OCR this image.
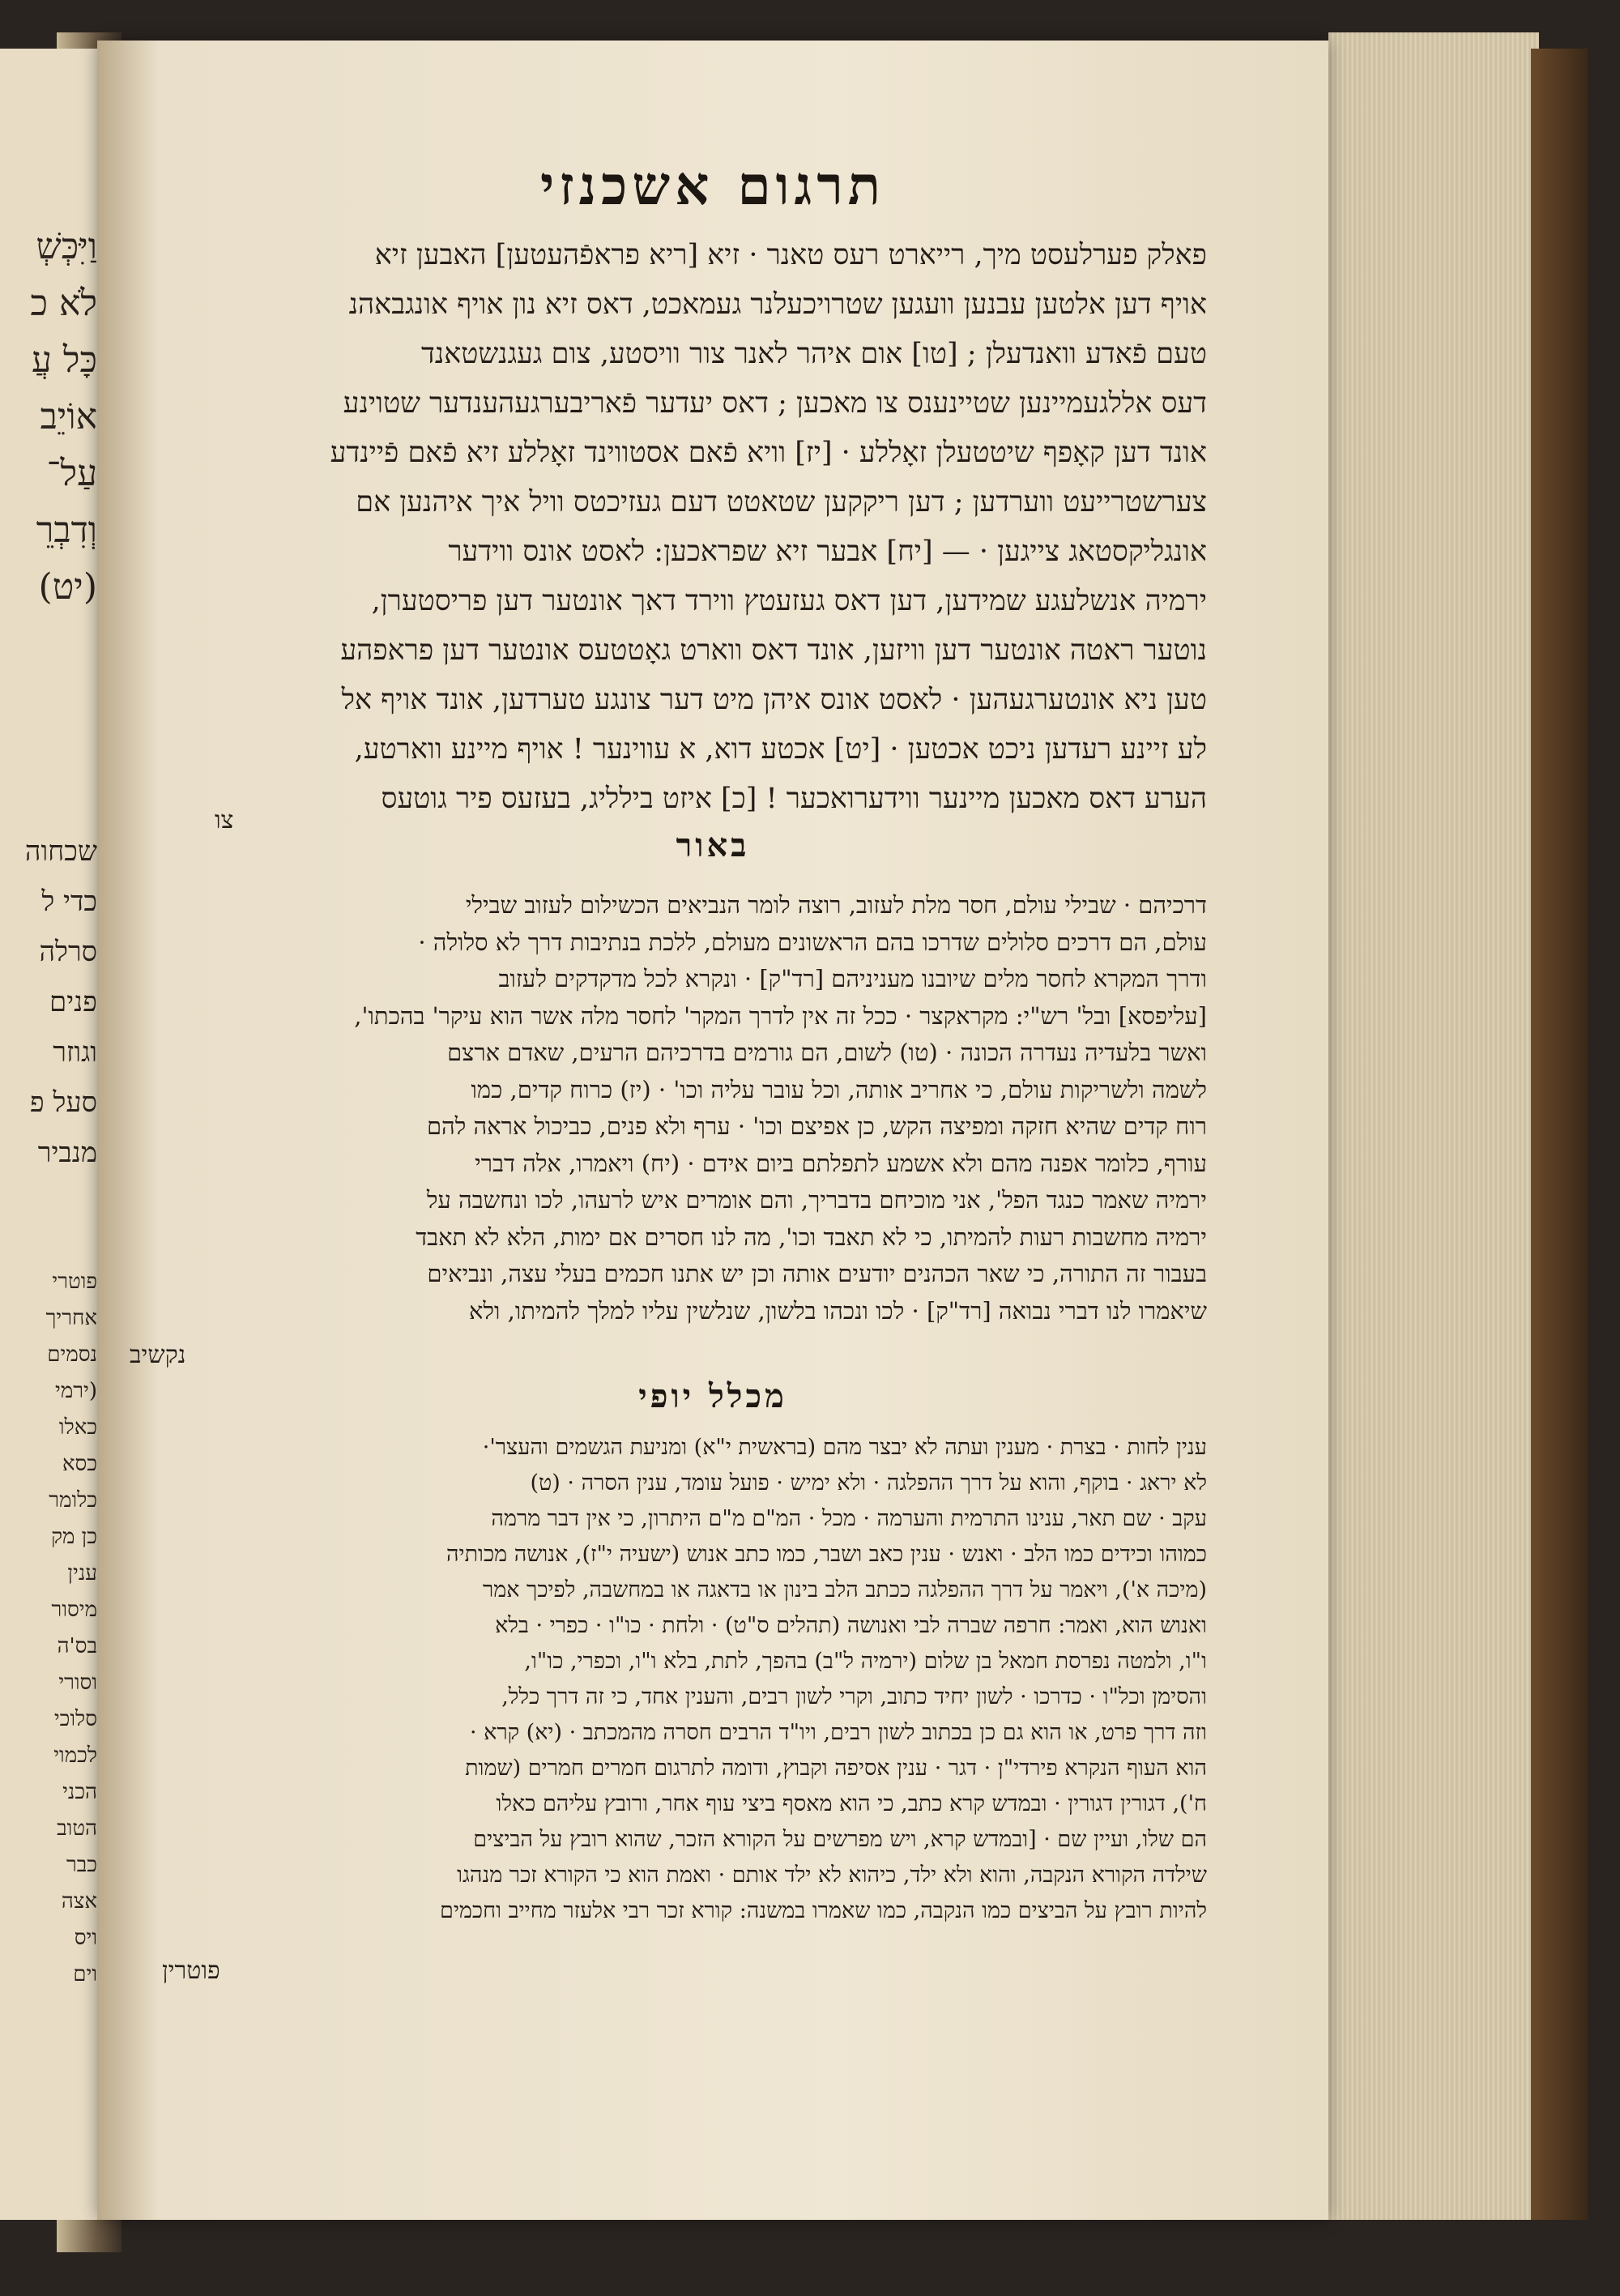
וַיִּכְּשְׁ
לֹא כ
כָּל עֲ
אוֹיֵב
עַל־
וְדִבְרֵ
(יט)
שכחוה
כדי ל
סרלה
פנים
וגוזר
סעל פ
מנביר
פוטרי
אחריך
נסמים
(ירמי
כאלו
כסא
כלומר
כן מק
ענין
מיסור
בס'ה
וסורי
סלוכי
לכמוי
הכני
הטוב
כבר
אצה
ויס
וים
תרגום אשכנזי

פאלק פערלעסט מיך, רייארט רעס טאנר · זיא [ריא פראפֿהעטען] האבען זיא

אויף דען אלטען עבנען וועגען שטרויכעלנר געמאכט, דאס זיא נון אויף אונגבאהנ

טעם פֿאדע וואנדעלן ; [טו] אום איהר לאנר צור וויסטע, צום געגנשטאנד

דעס אללגעמיינען שטיינענס צו מאכען ; דאס יעדער פֿאריבערגעהענדער שטוינע

אונד דען קאָפף שיטטעלן זאָללע · [יז] וויא פֿאם אסטווינד זאָללע זיא פֿאם פֿיינדע

צערשטרייעט ווערדען ; דען ריקקען שטאטט דעם געזיכטס וויל איך איהנען אם

אונגליקסטאג צייגען · — [יח] אבער זיא שפראכען: לאסט אונס ווידער

ירמיה אנשלעגע שמידען, דען דאס געזעטץ ווירד דאך אונטער דען פריסטערן,

נוטער ראטה אונטער דען וויזען, אונד דאס ווארט גאָטטעס אונטער דען פראפהע

טען ניא אונטערגעהען · לאסט אונס איהן מיט דער צונגע טערדען, אונד אויף אל

לע זיינע רעדען ניכט אכטען · [יט] אכטע דוא, א עווינער ! אויף מיינע ווארטע,

הערע דאס מאכען מיינער ווידערואכער ! [כ] איזט בילליג, בעזעס פיר גוטעס

צו
באור

דרכיהם · שבילי עולם, חסר מלת לעזוב, רוצה לומר הנביאים הכשילום לעזוב שבילי

עולם, הם דרכים סלולים שדרכו בהם הראשונים מעולם, ללכת בנתיבות דרך לא סלולה ·

ודרך המקרא לחסר מלים שיובנו מעניניהם [רד"ק] · ונקרא לכל מדקדקים לעזוב

[עליפסא] ובל' רש"י: מקראקצר · ככל זה אין לדרך המקר' לחסר מלה אשר הוא עיקר' בהכתו',

ואשר בלעדיה נעדרה הכונה · (טו) לשום, הם גורמים בדרכיהם הרעים, שאדם ארצם

לשמה ולשריקות עולם, כי אחריב אותה, וכל עובר עליה וכו' · (יז) כרוח קדים, כמו

רוח קדים שהיא חזקה ומפיצה הקש, כן אפיצם וכו' · ערף ולא פנים, כביכול אראה להם

עורף, כלומר אפנה מהם ולא אשמע לתפלתם ביום אידם · (יח) ויאמרו, אלה דברי

ירמיה שאמר כנגד הפל', אני מוכיחם בדבריך, והם אומרים איש לרעהו, לכו ונחשבה על

ירמיה מחשבות רעות להמיתו, כי לא תאבד וכו', מה לנו חסרים אם ימות, הלא לא תאבד

בעבור זה התורה, כי שאר הכהנים יודעים אותה וכן יש אתנו חכמים בעלי עצה, ונביאים

שיאמרו לנו דברי נבואה [רד"ק] · לכו ונכהו בלשון, שנלשין עליו למלך להמיתו, ולא

נקשיב
מכלל יופי

ענין לחות · בצרת · מענין ועתה לא יבצר מהם (בראשית י"א) ומניעת הגשמים והעצר'·

לא יראג · בוקף, והוא על דרך ההפלגה · ולא ימיש · פועל עומד, ענין הסרה · (ט)

עקב · שם תאר, ענינו התרמית והערמה · מכל · המ"ם מ"ם היתרון, כי אין דבר מרמה

כמוהו וכידים כמו הלב · ואנש · ענין כאב ושבר, כמו כתב אנוש (ישעיה י"ז), אנושה מכותיה

(מיכה א'), ויאמר על דרך ההפלגה ככתב הלב בינון או בדאגה או במחשבה, לפיכך אמר

ואנוש הוא, ואמר: חרפה שברה לבי ואנושה (תהלים ס"ט) · ולחת · כו"ו · כפרי · בלא

ו"ו, ולמטה נפרסת חמאל בן שלום (ירמיה ל"ב) בהפך, לתת, בלא ו"ו, וכפרי, כו"ו,

והסימן וכל"ו · כדרכו · לשון יחיד כתוב, וקרי לשון רבים, והענין אחד, כי זה דרך כלל,

וזה דרך פרט, או הוא גם כן בכתוב לשון רבים, ויו"ד הרבים חסרה מהמכתב · (יא) קרא ·

הוא העוף הנקרא פירדי"ן · דגר · ענין אסיפה וקבוץ, ודומה לתרגום חמרים חמרים (שמות

ח'), דגורין דגורין · ובמדש קרא כתב, כי הוא מאסף ביצי עוף אחר, ורובץ עליהם כאלו

הם שלו, ועיין שם · [ובמדש קרא, ויש מפרשים על הקורא הזכר, שהוא רובץ על הביצים

שילדה הקורא הנקבה, והוא ולא ילד, כיהוא לא ילד אותם · ואמת הוא כי הקורא זכר מנהגו

להיות רובץ על הביצים כמו הנקבה, כמו שאמרו במשנה: קורא זכר רבי אלעזר מחייב וחכמים

פוטרין
